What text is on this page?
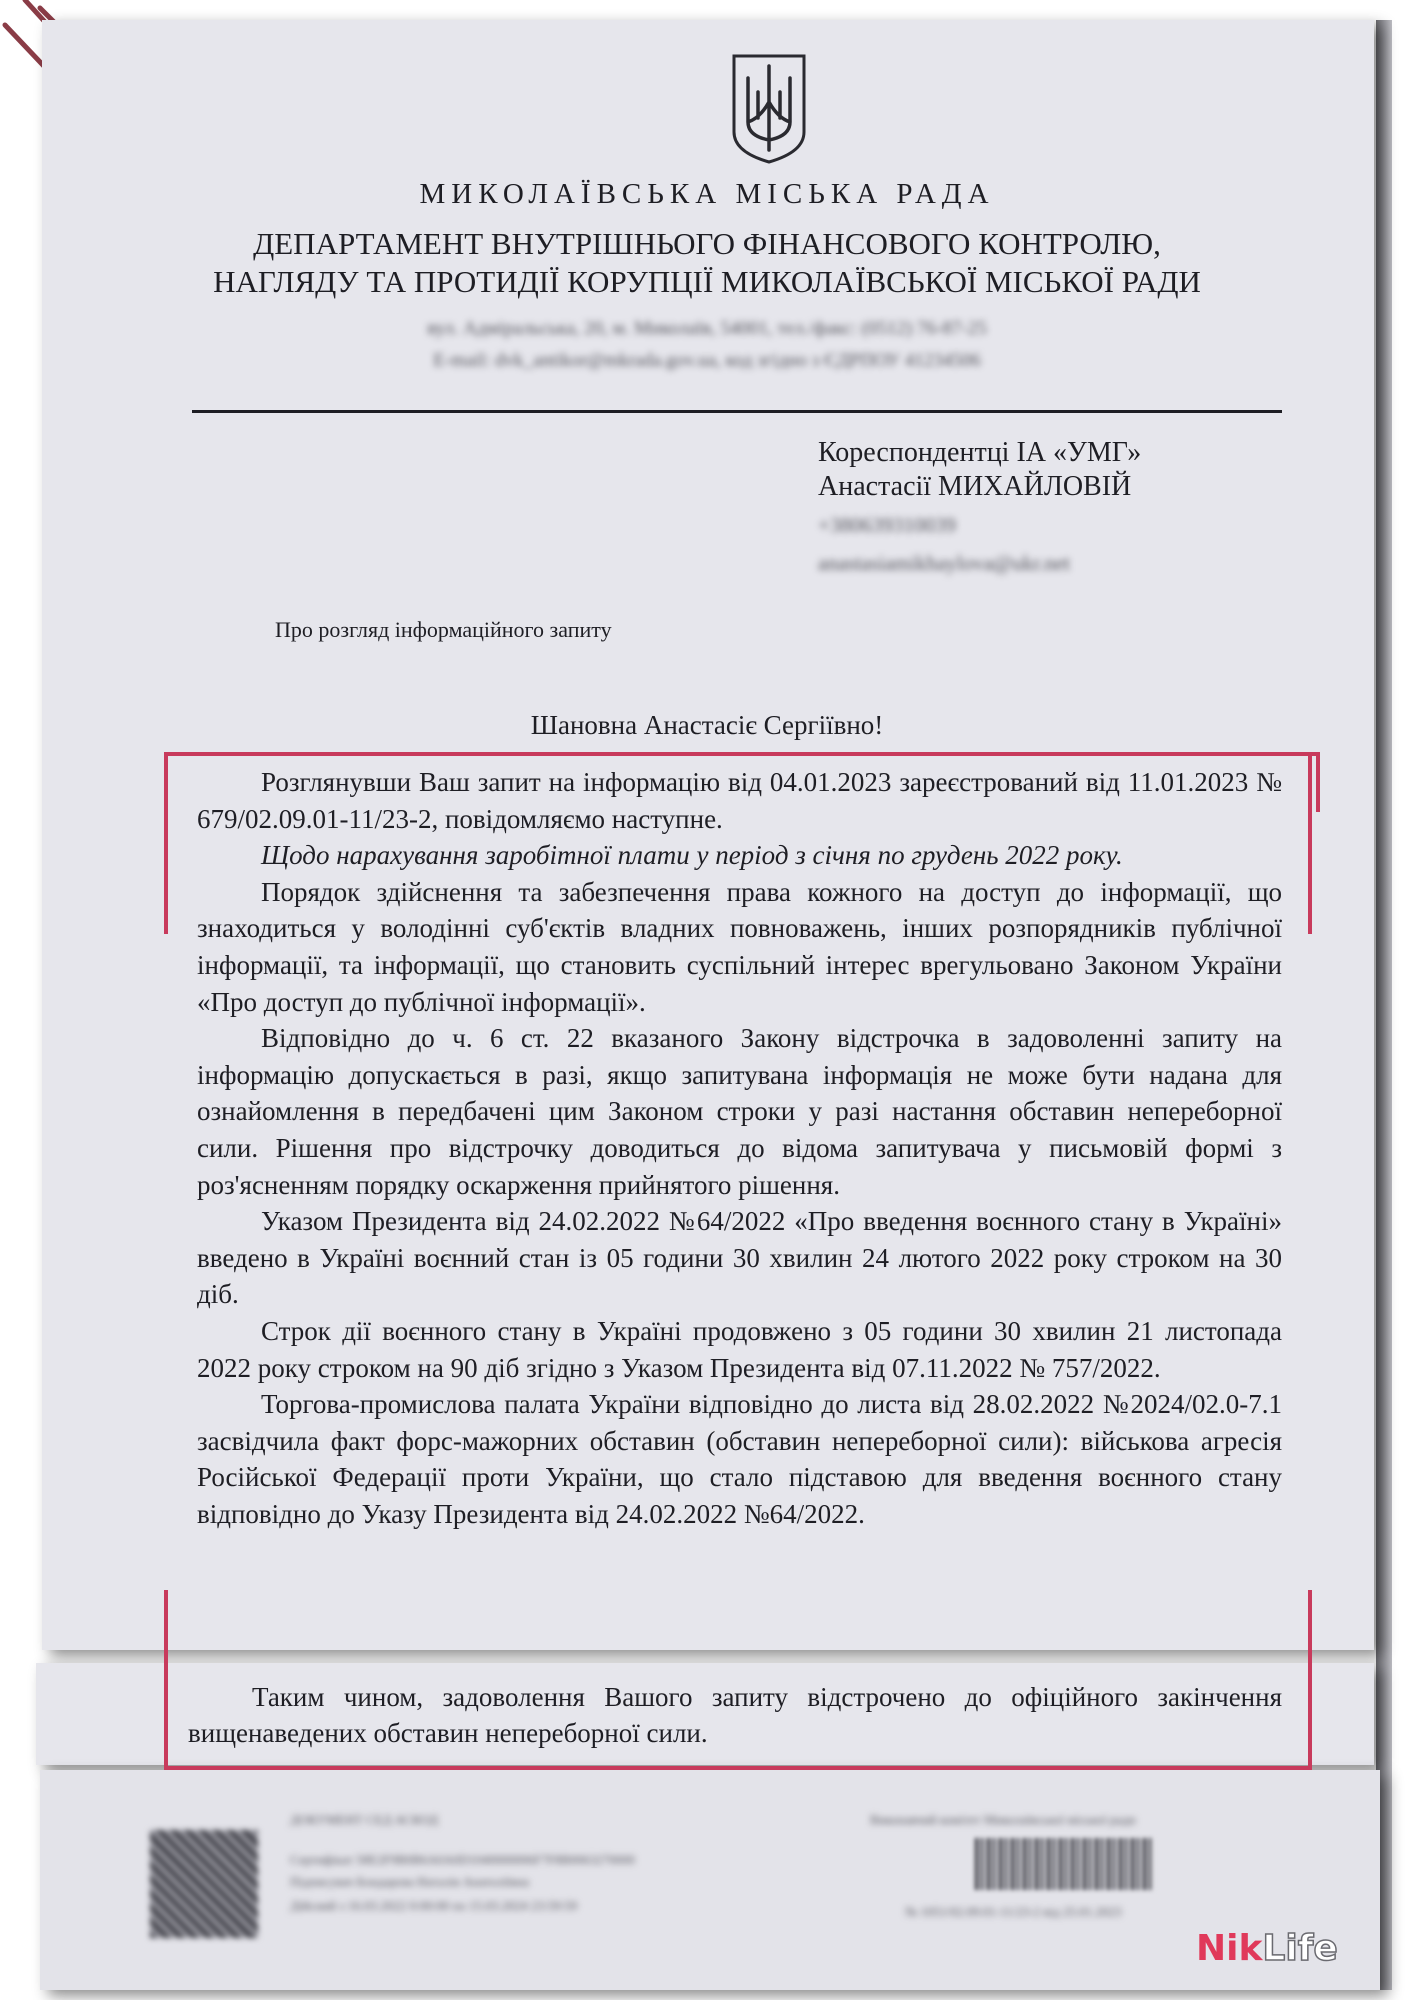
МИКОЛАЇВСЬКА МІСЬКА РАДА
ДЕПАРТАМЕНТ ВНУТРІШНЬОГО ФІНАНСОВОГО КОНТРОЛЮ,
НАГЛЯДУ ТА ПРОТИДІЇ КОРУПЦІЇ МИКОЛАЇВСЬКОЇ МІСЬКОЇ РАДИ
вул. Адміральська, 20, м. Миколаїв, 54001, тел./факс: (0512) 76-87-25
E-mail: dvk_antikor@mkrada.gov.ua, код згідно з ЄДРПОУ 41234506
Кореспондентці ІА «УМГ»
Анастасії МИХАЙЛОВІЙ
+380639310039
anastasiamikhaylova@ukr.net
Про розгляд інформаційного запиту
Шановна Анастасіє Сергіївно!

Розглянувши Ваш запит на інформацію від 04.01.2023 зареєстрований від 11.01.2023 № 679/02.09.01-11/23-2, повідомляємо наступне.

Щодо нарахування заробітної плати у період з січня по грудень 2022 року.

Порядок здійснення та забезпечення права кожного на доступ до інформації, що знаходиться у володінні суб'єктів владних повноважень, інших розпорядників публічної інформації, та інформації, що становить суспільний інтерес врегульовано Законом України «Про доступ до публічної інформації».

Відповідно до ч. 6 ст. 22 вказаного Закону відстрочка в задоволенні запиту на інформацію допускається в разі, якщо запитувана інформація не може бути надана для ознайомлення в передбачені цим Законом строки у разі настання обставин непереборної сили. Рішення про відстрочку доводиться до відома запитувача у письмовій формі з роз'ясненням порядку оскарження прийнятого рішення.

Указом Президента від 24.02.2022 №64/2022 «Про введення воєнного стану в Україні» введено в Україні воєнний стан із 05 години 30 хвилин 24 лютого 2022 року строком на 30 діб.

Строк дії воєнного стану в Україні продовжено з 05 години 30 хвилин 21 листопада 2022 року строком на 90 діб згідно з Указом Президента від 07.11.2022 № 757/2022.

Торгова-промислова палата України відповідно до листа від 28.02.2022 №2024/02.0-7.1 засвідчила факт форс-мажорних обставин (обставин непереборної сили): військова агресія Російської Федерації проти України, що стало підставою для введення воєнного стану відповідно до Указу Президента від 24.02.2022 №64/2022.

Таким чином, задоволення Вашого запиту відстрочено до офіційного закінчення вищенаведених обставин непереборної сили.

ДОКУМЕНТ СЕД АСКОД
Сертифікат 58E2F9B0B6A0A0D1040000006F7F8B0063270000
Підписувач Бондарєва Наталія Анатоліївна
Дійсний з 16.03.2022 0:00:00 по 15.03.2024 23:59:59
Виконавчий комітет Миколаївської міської ради
№ 1051/02.09.01-11/23-2 від 25.01.2023
NikLife
